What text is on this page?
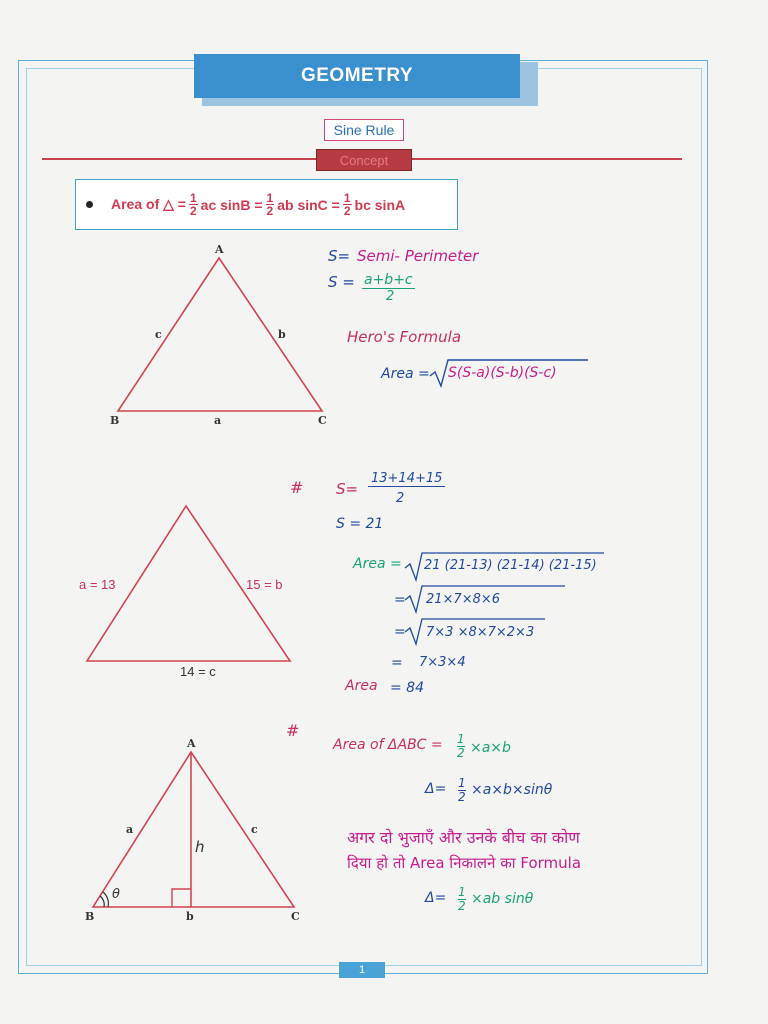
GEOMETRY
Sine Rule
Concept
Area of △ = $\frac{1}{2}$ ac $\sin B = \frac{1}{2}$ ab $\sin C = \frac{1}{2}$ bc sinA
A
B	C
a
b
c
S= Semi- Perimeter
S = a+b+c
2
Hero's Formula
Area = S(S-a)(S-b)(S-c)
# S=
13+14+15
2
S = 21
Area = 21 (21-13) (21-14) (21-15)
= 21×7×8×6
= 7×3 ×8×7×2×3
= 7×3×4
Area = 84
a = 13	15 = b
14 = c
#
Area of ΔABC = 1
2 ×a×b
Δ= 1
2 ×a×b×sinθ
अगर दो भुजाएँ और उनके बीच का कोण
दिया हो तो Area निकालने का Formula
Δ= 1
2 ×ab sinθ
A
B	C
a
b
c
h
θ
1
